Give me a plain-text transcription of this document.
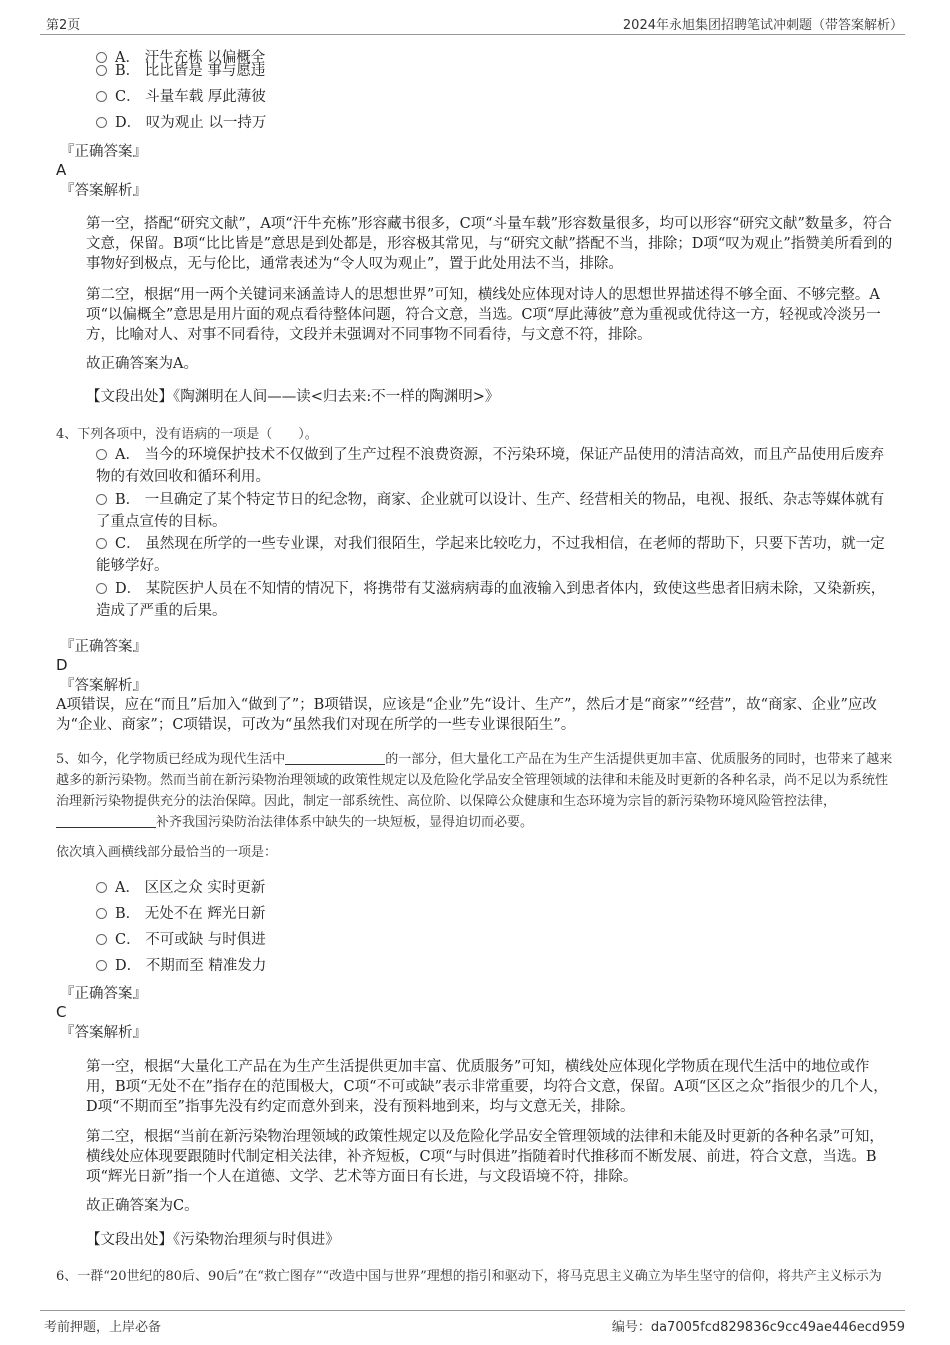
第2页	2024年永旭集团招聘笔试冲刺题（带答案解析）
A． 汗牛充栋 以偏概全
B． 比比皆是 事与愿违
C． 斗量车载 厚此薄彼
D． 叹为观止 以一持万
『正确答案』
A
『答案解析』
第一空，搭配“研究文献”，A项“汗牛充栋”形容藏书很多，C项“斗量车载”形容数量很多，均可以形容“研究文献”数量多，符合文意，保留。B项“比比皆是”意思是到处都是，形容极其常见，与“研究文献”搭配不当，排除；D项“叹为观止”指赞美所看到的事物好到极点，无与伦比，通常表述为“令人叹为观止”，置于此处用法不当，排除。
第二空，根据“用一两个关键词来涵盖诗人的思想世界”可知，横线处应体现对诗人的思想世界描述得不够全面、不够完整。A项“以偏概全”意思是用片面的观点看待整体问题，符合文意，当选。C项“厚此薄彼”意为重视或优待这一方，轻视或冷淡另一方，比喻对人、对事不同看待，文段并未强调对不同事物不同看待，与文意不符，排除。
故正确答案为A。
【文段出处】《陶渊明在人间——读<归去来:不一样的陶渊明>》
4、下列各项中，没有语病的一项是（　　）。
A． 当今的环境保护技术不仅做到了生产过程不浪费资源，不污染环境，保证产品使用的清洁高效，而且产品使用后废弃物的有效回收和循环利用。
B． 一旦确定了某个特定节日的纪念物，商家、企业就可以设计、生产、经营相关的物品，电视、报纸、杂志等媒体就有了重点宣传的目标。
C． 虽然现在所学的一些专业课，对我们很陌生，学起来比较吃力，不过我相信，在老师的帮助下，只要下苦功，就一定能够学好。
D． 某院医护人员在不知情的情况下，将携带有艾滋病病毒的血液输入到患者体内，致使这些患者旧病未除，又染新疾，造成了严重的后果。
『正确答案』
D
『答案解析』
A项错误，应在“而且”后加入“做到了”；B项错误，应该是“企业”先“设计、生产”，然后才是“商家”“经营”，故“商家、企业”应改为“企业、商家”；C项错误，可改为“虽然我们对现在所学的一些专业课很陌生”。
5、如今，化学物质已经成为现代生活中	的一部分，但大量化工产品在为生产生活提供更加丰富、优质服务的同时，也带来了越来越多的新污染物。然而当前在新污染物治理领域的政策性规定以及危险化学品安全管理领域的法律和未能及时更新的各种名录，尚不足以为系统性治理新污染物提供充分的法治保障。因此，制定一部系统性、高位阶、以保障公众健康和生态环境为宗旨的新污染物环境风险管控法律，补齐我国污染防治法律体系中缺失的一块短板，显得迫切而必要。
依次填入画横线部分最恰当的一项是：
A． 区区之众 实时更新
B． 无处不在 辉光日新
C． 不可或缺 与时俱进
D． 不期而至 精准发力
『正确答案』
C
『答案解析』
第一空，根据“大量化工产品在为生产生活提供更加丰富、优质服务”可知，横线处应体现化学物质在现代生活中的地位或作用，B项“无处不在”指存在的范围极大，C项“不可或缺”表示非常重要，均符合文意，保留。A项“区区之众”指很少的几个人，D项“不期而至”指事先没有约定而意外到来，没有预料地到来，均与文意无关，排除。
第二空，根据“当前在新污染物治理领域的政策性规定以及危险化学品安全管理领域的法律和未能及时更新的各种名录”可知，横线处应体现要跟随时代制定相关法律，补齐短板，C项“与时俱进”指随着时代推移而不断发展、前进，符合文意，当选。B项“辉光日新”指一个人在道德、文学、艺术等方面日有长进，与文段语境不符，排除。
故正确答案为C。
【文段出处】《污染物治理须与时俱进》
6、一群“20世纪的80后、90后”在“救亡图存”“改造中国与世界”理想的指引和驱动下，将马克思主义确立为毕生坚守的信仰，将共产主义标示为
考前押题，上岸必备	编号：da7005fcd829836c9cc49ae446ecd959
